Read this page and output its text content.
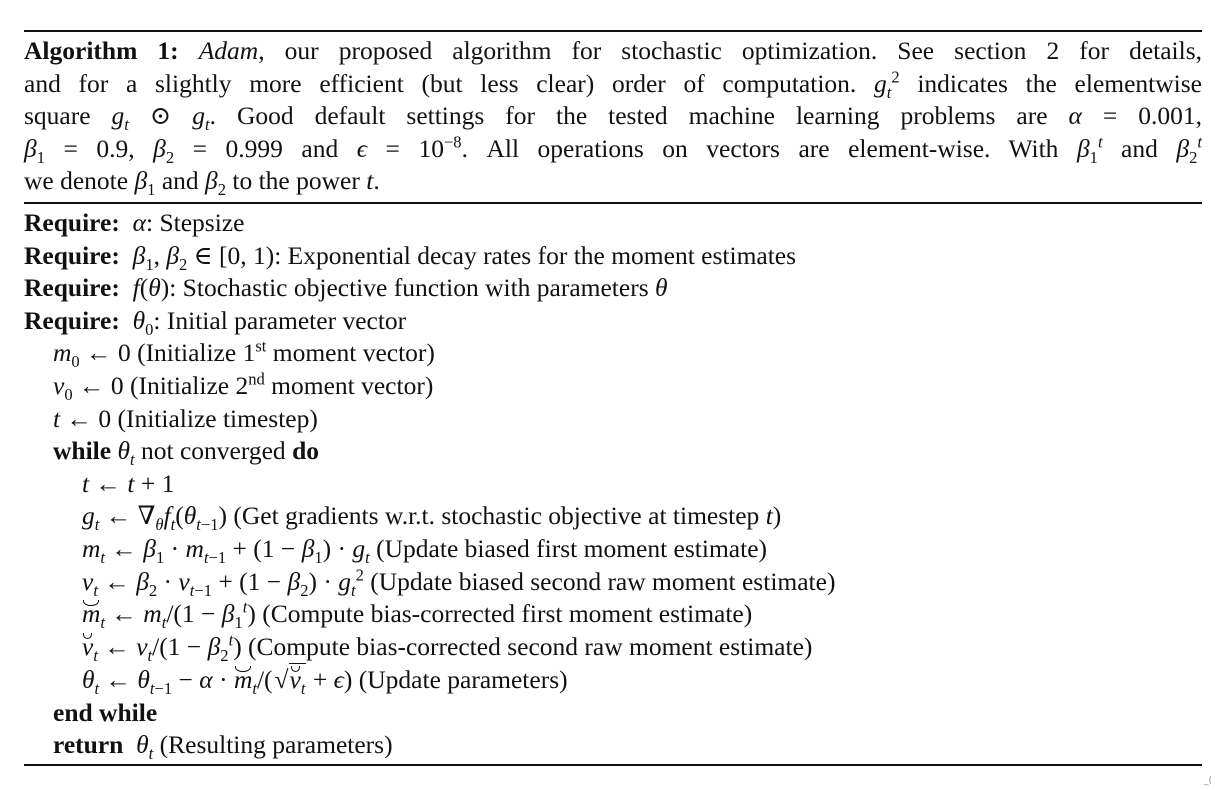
Algorithm 1: Adam, our proposed algorithm for stochastic optimization. See section 2 for details,
and for a slightly more efficient (but less clear) order of computation. $g_t^2$ indicates the elementwise
square $g_t$ ⊙ $g_t$. Good default settings for the tested machine learning problems are α = 0.001,
$\beta_1 = 0.9$, $\beta_2 = 0.999$ and $\epsilon = 10^{-8}$. All operations on vectors are element-wise. With $\beta_1^t$ and $\beta_2^t$
we denote $\beta_1$ and $\beta_2$ to the power t.
Require: α: Stepsize
Require: $\beta_1$, $\beta_2$ ∈ [0, 1): Exponential decay rates for the moment estimates
Require: f(θ): Stochastic objective function with parameters θ
Require: $\theta_0$: Initial parameter vector
$m_0$ ← 0 (Initialize 1st moment vector)
$v_0$ ← 0 (Initialize 2nd moment vector)
t ← 0 (Initialize timestep)
while $\theta_t$ not converged do
t ← t + 1
$g_t$ ← $\nabla_\theta f_t(\theta_{t-1})$ (Get gradients w.r.t. stochastic objective at timestep t)
$m_t$ ← $\beta_1 \cdot m_{t-1} + (1 - \beta_1) \cdot g_t$ (Update biased first moment estimate)
$v_t$ ← $\beta_2 \cdot v_{t-1} + (1 - \beta_2) \cdot g_t^2$ (Update biased second raw moment estimate)
$m_t$ ← $m_t/(1 - \beta_1^t)$ (Compute bias-corrected first moment estimate)
$v_t$ ← $v_t/(1 - \beta_2^t)$ (Compute bias-corrected second raw moment estimate)
$\theta_t$ ← $\theta_{t-1} - \alpha \cdot m_t/(√v_t + \epsilon)$ (Update parameters)
end while
return $\theta_t$ (Resulting parameters)
_(
